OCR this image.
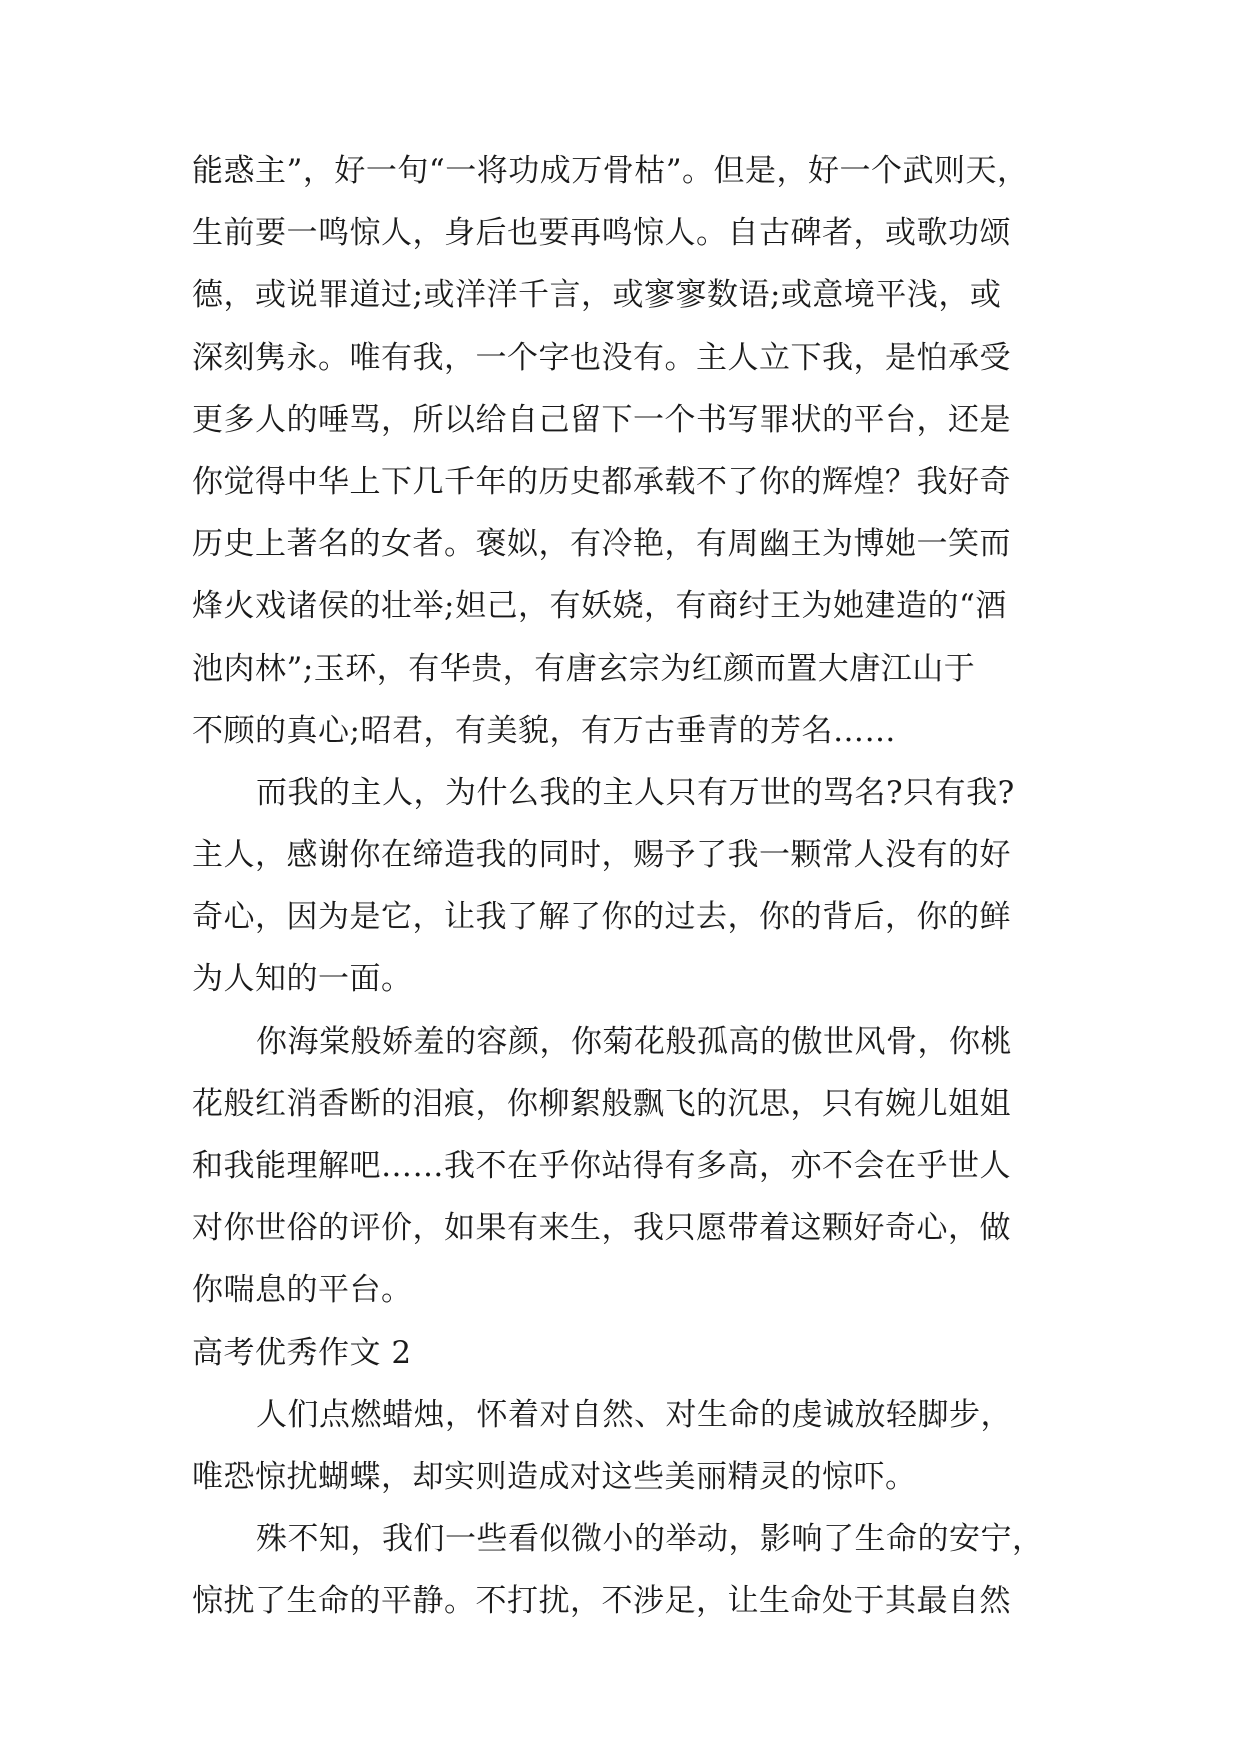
能惑主”，好一句“一将功成万骨枯”。但是，好一个武则天，
生前要一鸣惊人，身后也要再鸣惊人。自古碑者，或歌功颂
德，或说罪道过;或洋洋千言，或寥寥数语;或意境平浅，或
深刻隽永。唯有我，一个字也没有。主人立下我，是怕承受
更多人的唾骂，所以给自己留下一个书写罪状的平台，还是
你觉得中华上下几千年的历史都承载不了你的辉煌？我好奇
历史上著名的女者。褒姒，有冷艳，有周幽王为博她一笑而
烽火戏诸侯的壮举;妲己，有妖娆，有商纣王为她建造的“酒
池肉林”;玉环，有华贵，有唐玄宗为红颜而置大唐江山于
不顾的真心;昭君，有美貌，有万古垂青的芳名……
而我的主人，为什么我的主人只有万世的骂名?只有我?
主人，感谢你在缔造我的同时，赐予了我一颗常人没有的好
奇心，因为是它，让我了解了你的过去，你的背后，你的鲜
为人知的一面。
你海棠般娇羞的容颜，你菊花般孤高的傲世风骨，你桃
花般红消香断的泪痕，你柳絮般飘飞的沉思，只有婉儿姐姐
和我能理解吧……我不在乎你站得有多高，亦不会在乎世人
对你世俗的评价，如果有来生，我只愿带着这颗好奇心，做
你喘息的平台。
高考优秀作文 2
人们点燃蜡烛，怀着对自然、对生命的虔诚放轻脚步，
唯恐惊扰蝴蝶，却实则造成对这些美丽精灵的惊吓。
殊不知，我们一些看似微小的举动，影响了生命的安宁，
惊扰了生命的平静。不打扰，不涉足，让生命处于其最自然
